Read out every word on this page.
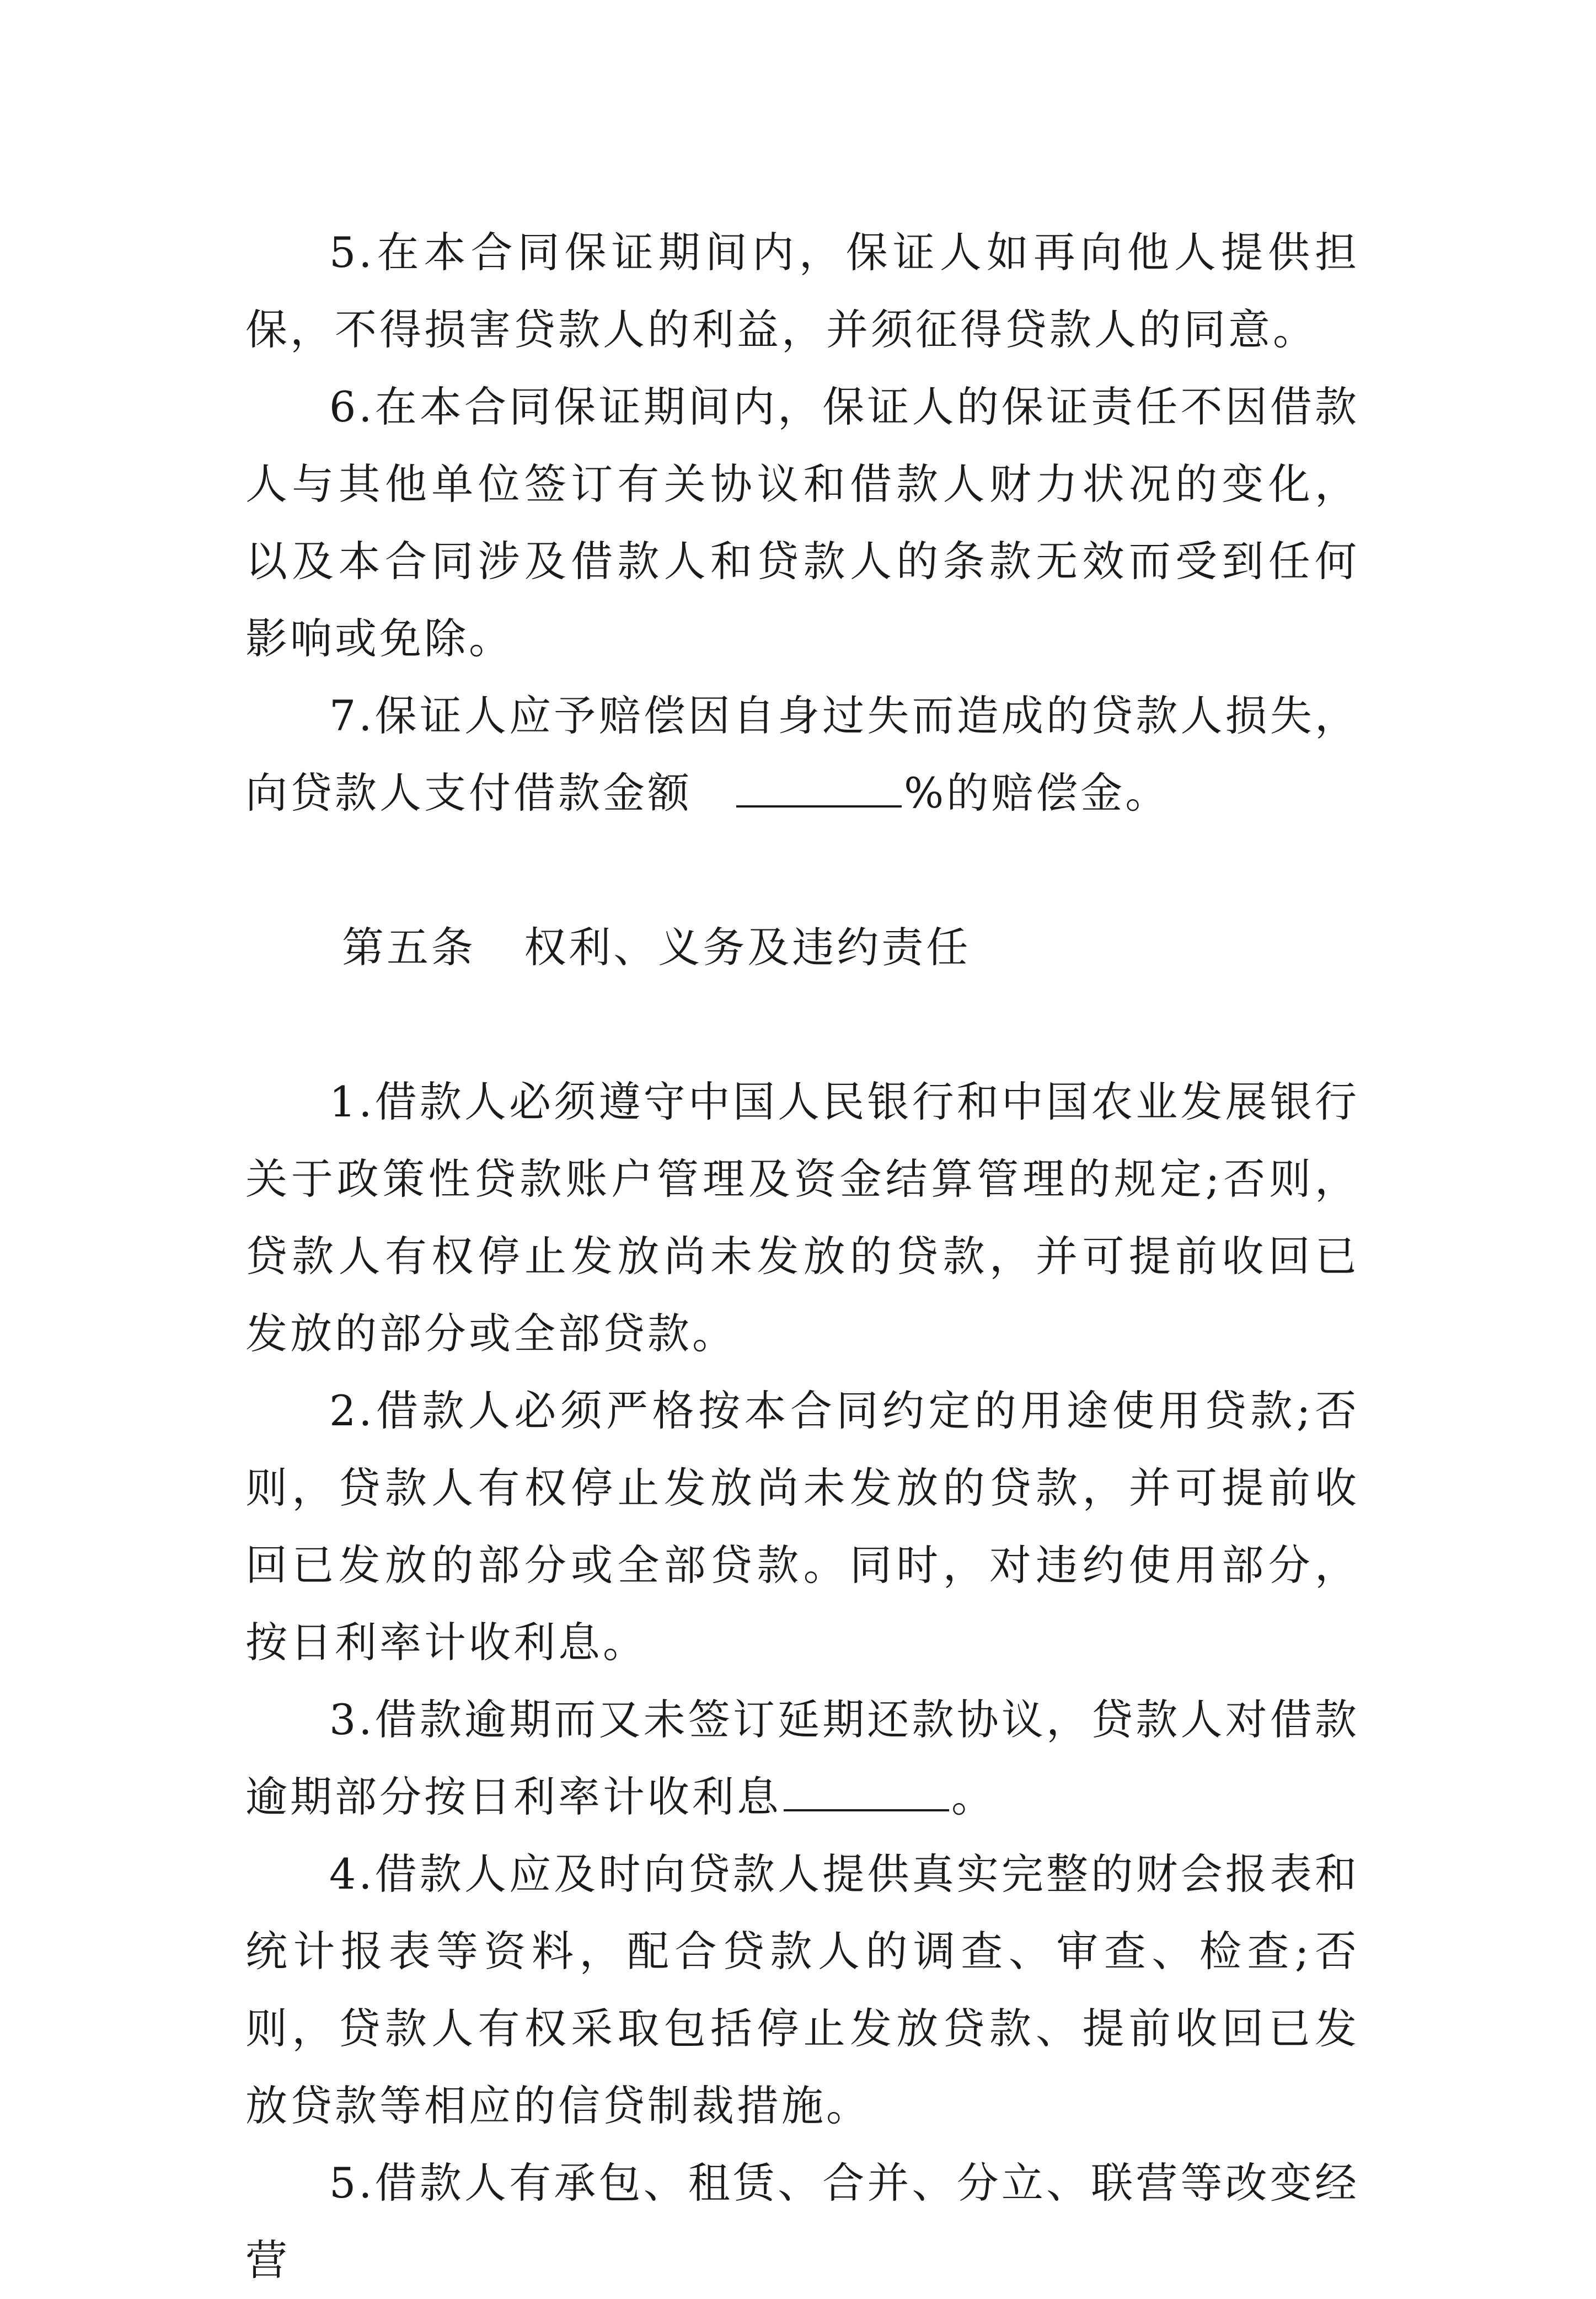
5.在本合同保证期间内，保证人如再向他人提供担保，不得损害贷款人的利益，并须征得贷款人的同意。

6.在本合同保证期间内，保证人的保证责任不因借款人与其他单位签订有关协议和借款人财力状况的变化，以及本合同涉及借款人和贷款人的条款无效而受到任何影响或免除。

7.保证人应予赔偿因自身过失而造成的贷款人损失，向贷款人支付借款金额	%的赔偿金。

第五条   权利、义务及违约责任

1.借款人必须遵守中国人民银行和中国农业发展银行关于政策性贷款账户管理及资金结算管理的规定;否则，贷款人有权停止发放尚未发放的贷款，并可提前收回已发放的部分或全部贷款。

2.借款人必须严格按本合同约定的用途使用贷款;否则，贷款人有权停止发放尚未发放的贷款，并可提前收回已发放的部分或全部贷款。同时，对违约使用部分，按日利率计收利息。

3.借款逾期而又未签订延期还款协议，贷款人对借款逾期部分按日利率计收利息	。

4.借款人应及时向贷款人提供真实完整的财会报表和统计报表等资料，配合贷款人的调查、审查、检查;否则，贷款人有权采取包括停止发放贷款、提前收回已发放贷款等相应的信贷制裁措施。

5.借款人有承包、租赁、合并、分立、联营等改变经营
